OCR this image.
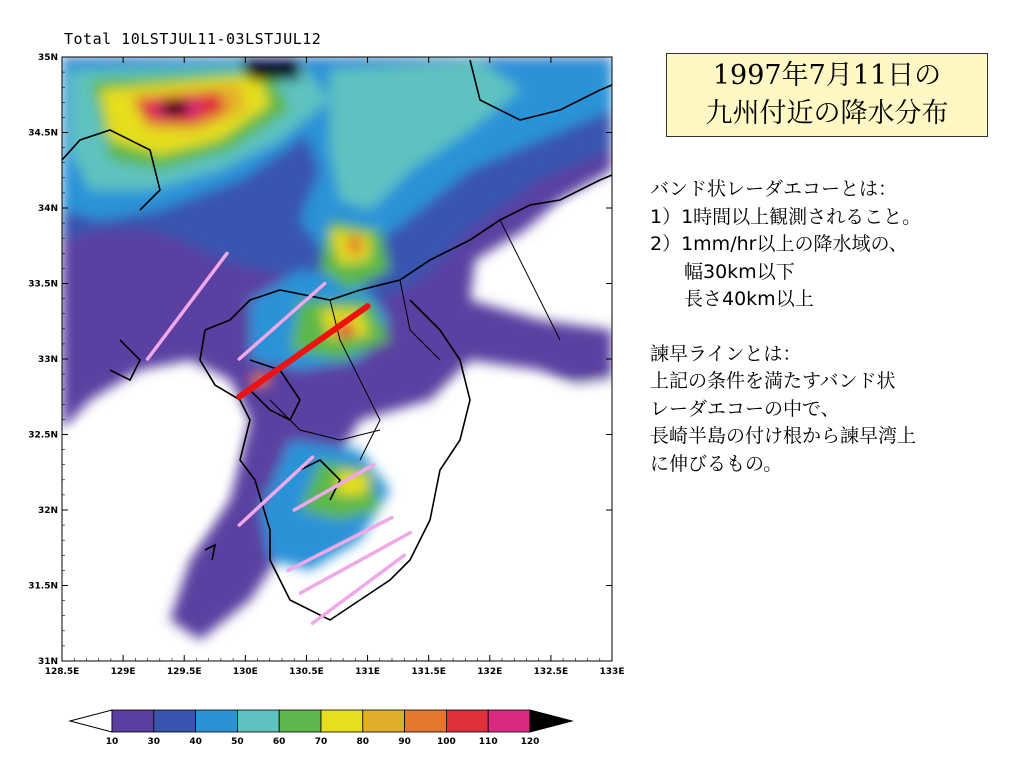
Total 10LSTJUL11-03LSTJUL12
128.5E	129E	129.5E	130E	130.5E	131E	131.5E	132E	132.5E	133E
31N
31.5N
32N
32.5N
33N
33.5N
34N
34.5N
35N
10	30	40	50	60	70	80	90	100	110	120
1997年7月11日の
九州付近の降水分布
バンド状レーダエコーとは：
1）1時間以上観測されること。
2）1mm/hr以上の降水域の、
幅30km以下
長さ40km以上
諫早ラインとは：
上記の条件を満たすバンド状
レーダエコーの中で、
長崎半島の付け根から諫早湾上
に伸びるもの。
